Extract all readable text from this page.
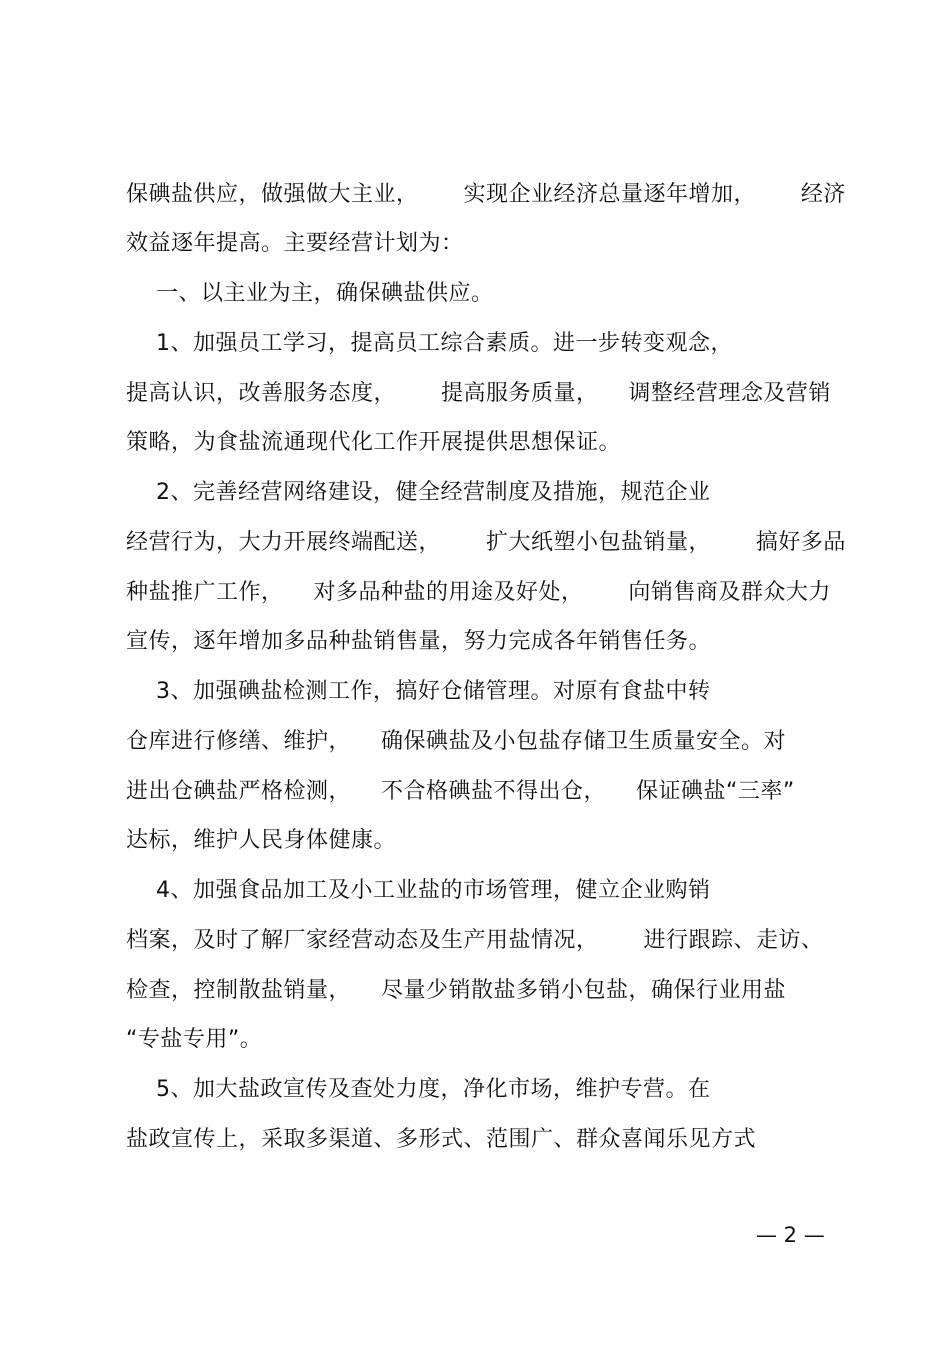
保碘盐供应，做强做大主业，      实现企业经济总量逐年增加，      经济
效益逐年提高。主要经营计划为：
一、以主业为主，确保碘盐供应。
1、加强员工学习，提高员工综合素质。进一步转变观念，
提高认识，改善服务态度，      提高服务质量，    调整经营理念及营销
策略，为食盐流通现代化工作开展提供思想保证。
2、完善经营网络建设，健全经营制度及措施，规范企业
经营行为，大力开展终端配送，      扩大纸塑小包盐销量，      搞好多品
种盐推广工作，    对多品种盐的用途及好处，      向销售商及群众大力
宣传，逐年增加多品种盐销售量，努力完成各年销售任务。
3、加强碘盐检测工作，搞好仓储管理。对原有食盐中转
仓库进行修缮、维护，    确保碘盐及小包盐存储卫生质量安全。对
进出仓碘盐严格检测，    不合格碘盐不得出仓，    保证碘盐“三率”
达标，维护人民身体健康。
4、加强食品加工及小工业盐的市场管理，健立企业购销
档案，及时了解厂家经营动态及生产用盐情况，      进行跟踪、走访、
检查，控制散盐销量，    尽量少销散盐多销小包盐，确保行业用盐
“专盐专用”。
5、加大盐政宣传及查处力度，净化市场，维护专营。在
盐政宣传上，采取多渠道、多形式、范围广、群众喜闻乐见方式
— 2 —
